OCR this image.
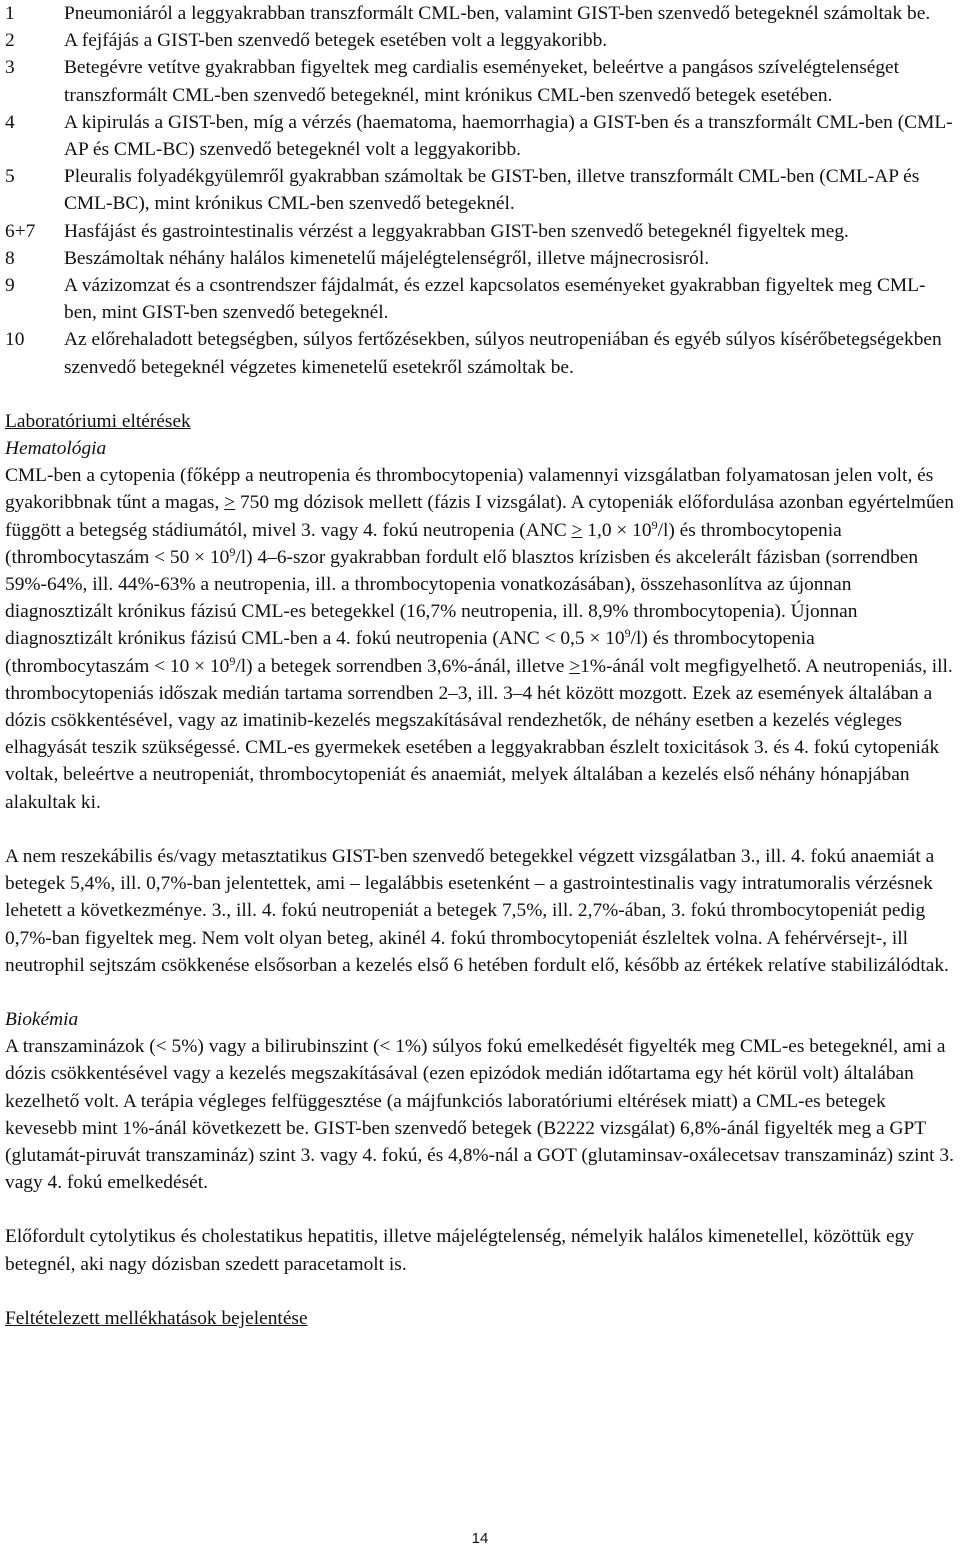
1	Pneumoniáról a leggyakrabban transzformált CML-ben, valamint GIST-ben szenvedő betegeknél számoltak be.
2	A fejfájás a GIST-ben szenvedő betegek esetében volt a leggyakoribb.
3	Betegévre vetítve gyakrabban figyeltek meg cardialis eseményeket, beleértve a pangásos szívelégtelenséget transzformált CML-ben szenvedő betegeknél, mint krónikus CML-ben szenvedő betegek esetében.
4	A kipirulás a GIST-ben, míg a vérzés (haematoma, haemorrhagia) a GIST-ben és a transzformált CML-ben (CML-AP és CML-BC) szenvedő betegeknél volt a leggyakoribb.
5	Pleuralis folyadékgyülemről gyakrabban számoltak be GIST-ben, illetve transzformált CML-ben (CML-AP és CML-BC), mint krónikus CML-ben szenvedő betegeknél.
6+7	Hasfájást és gastrointestinalis vérzést a leggyakrabban GIST-ben szenvedő betegeknél figyeltek meg.
8	Beszámoltak néhány halálos kimenetelű májelégtelenségről, illetve májnecrosisról.
9	A vázizomzat és a csontrendszer fájdalmát, és ezzel kapcsolatos eseményeket gyakrabban figyeltek meg CML-ben, mint GIST-ben szenvedő betegeknél.
10	Az előrehaladott betegségben, súlyos fertőzésekben, súlyos neutropeniában és egyéb súlyos kísérőbetegségekben szenvedő betegeknél végzetes kimenetelű esetekről számoltak be.

Laboratóriumi eltérések

Hematológia

CML-ben a cytopenia (főképp a neutropenia és thrombocytopenia) valamennyi vizsgálatban folyamatosan jelen volt, és gyakoribbnak tűnt a magas, > 750 mg dózisok mellett (fázis I vizsgálat). A cytopeniák előfordulása azonban egyértelműen függött a betegség stádiumától, mivel 3. vagy 4. fokú neutropenia $(ANC > 1,0 \times 10^9/l)$ és thrombocytopenia (thrombocytaszám < $50 \times 10^9/l$) 4–6-szor gyakrabban fordult elő blasztos krízisben és akcelerált fázisban (sorrendben 59%-64%, ill. 44%-63% a neutropenia, ill. a thrombocytopenia vonatkozásában), összehasonlítva az újonnan diagnosztizált krónikus fázisú CML-es betegekkel (16,7% neutropenia, ill. 8,9% thrombocytopenia). Újonnan diagnosztizált krónikus fázisú CML-ben a 4. fokú neutropenia $(ANC < 0,5 \times 10^9/l)$ és thrombocytopenia (thrombocytaszám < $10 \times 10^9/l$) a betegek sorrendben 3,6%-ánál, illetve >1%-ánál volt megfigyelhető. A neutropeniás, ill. thrombocytopeniás időszak medián tartama sorrendben 2–3, ill. 3–4 hét között mozgott. Ezek az események általában a dózis csökkentésével, vagy az imatinib-kezelés megszakításával rendezhetők, de néhány esetben a kezelés végleges elhagyását teszik szükségessé. CML-es gyermekek esetében a leggyakrabban észlelt toxicitások 3. és 4. fokú cytopeniák voltak, beleértve a neutropeniát, thrombocytopeniát és anaemiát, melyek általában a kezelés első néhány hónapjában alakultak ki.

A nem reszekábilis és/vagy metasztatikus GIST-ben szenvedő betegekkel végzett vizsgálatban 3., ill. 4. fokú anaemiát a betegek 5,4%, ill. 0,7%-ban jelentettek, ami – legalábbis esetenként – a gastrointestinalis vagy intratumoralis vérzésnek lehetett a következménye. 3., ill. 4. fokú neutropeniát a betegek 7,5%, ill. 2,7%-ában, 3. fokú thrombocytopeniát pedig 0,7%-ban figyeltek meg. Nem volt olyan beteg, akinél 4. fokú thrombocytopeniát észleltek volna. A fehérvérsejt-, ill neutrophil sejtszám csökkenése elsősorban a kezelés első 6 hetében fordult elő, később az értékek relatíve stabilizálódtak.

Biokémia

A transzaminázok (< 5%) vagy a bilirubinszint (< 1%) súlyos fokú emelkedését figyelték meg CML-es betegeknél, ami a dózis csökkentésével vagy a kezelés megszakításával (ezen epizódok medián időtartama egy hét körül volt) általában kezelhető volt. A terápia végleges felfüggesztése (a májfunkciós laboratóriumi eltérések miatt) a CML-es betegek kevesebb mint 1%-ánál következett be. GIST-ben szenvedő betegek (B2222 vizsgálat) 6,8%-ánál figyelték meg a GPT (glutamát-piruvát transzamináz) szint 3. vagy 4. fokú, és 4,8%-nál a GOT (glutaminsav-oxálecetsav transzamináz) szint 3. vagy 4. fokú emelkedését.

Előfordult cytolytikus és cholestatikus hepatitis, illetve májelégtelenség, némelyik halálos kimenetellel, közöttük egy betegnél, aki nagy dózisban szedett paracetamolt is.

Feltételezett mellékhatások bejelentése

14
